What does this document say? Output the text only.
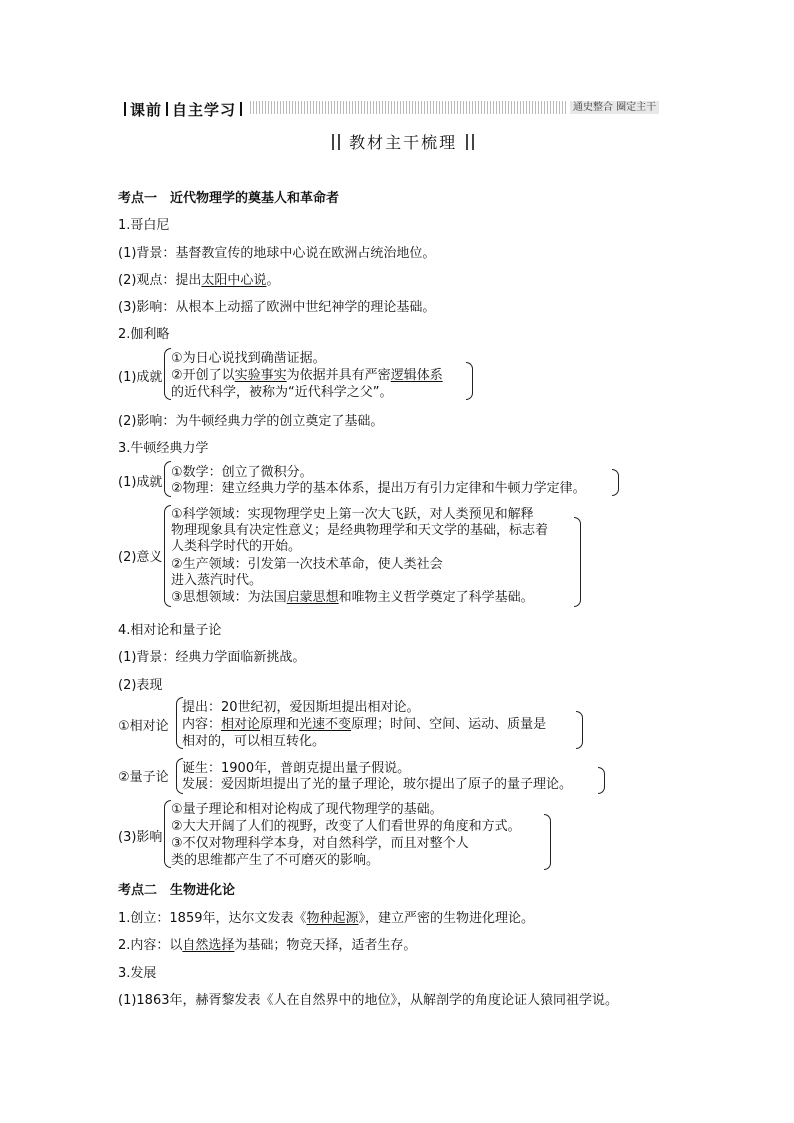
课前 自主学习	通史整合 圈定主干
教材主干梳理
考点一　近代物理学的奠基人和革命者
1.哥白尼
(1)背景：基督教宣传的地球中心说在欧洲占统治地位。
(2)观点：提出太阳中心说。
(3)影响：从根本上动摇了欧洲中世纪神学的理论基础。
2.伽利略
(1)成就
①为日心说找到确凿证据。
②开创了以实验事实为依据并具有严密逻辑体系
的近代科学，被称为“近代科学之父”。
(2)影响：为牛顿经典力学的创立奠定了基础。
3.牛顿经典力学
(1)成就
①数学：创立了微积分。
②物理：建立经典力学的基本体系，提出万有引力定律和牛顿力学定律。
(2)意义
①科学领域：实现物理学史上第一次大飞跃，对人类预见和解释
物理现象具有决定性意义；是经典物理学和天文学的基础，标志着
人类科学时代的开始。
②生产领域：引发第一次技术革命，使人类社会
进入蒸汽时代。
③思想领域：为法国启蒙思想和唯物主义哲学奠定了科学基础。
4.相对论和量子论
(1)背景：经典力学面临新挑战。
(2)表现
①相对论
提出：20世纪初，爱因斯坦提出相对论。
内容：相对论原理和光速不变原理；时间、空间、运动、质量是
相对的，可以相互转化。
②量子论
诞生：1900年，普朗克提出量子假说。
发展：爱因斯坦提出了光的量子理论，玻尔提出了原子的量子理论。
(3)影响
①量子理论和相对论构成了现代物理学的基础。
②大大开阔了人们的视野，改变了人们看世界的角度和方式。
③不仅对物理科学本身，对自然科学，而且对整个人
类的思维都产生了不可磨灭的影响。
考点二　生物进化论
1.创立：1859年，达尔文发表《物种起源》，建立严密的生物进化理论。
2.内容：以自然选择为基础；物竞天择，适者生存。
3.发展
(1)1863年，赫胥黎发表《人在自然界中的地位》，从解剖学的角度论证人猿同祖学说。
